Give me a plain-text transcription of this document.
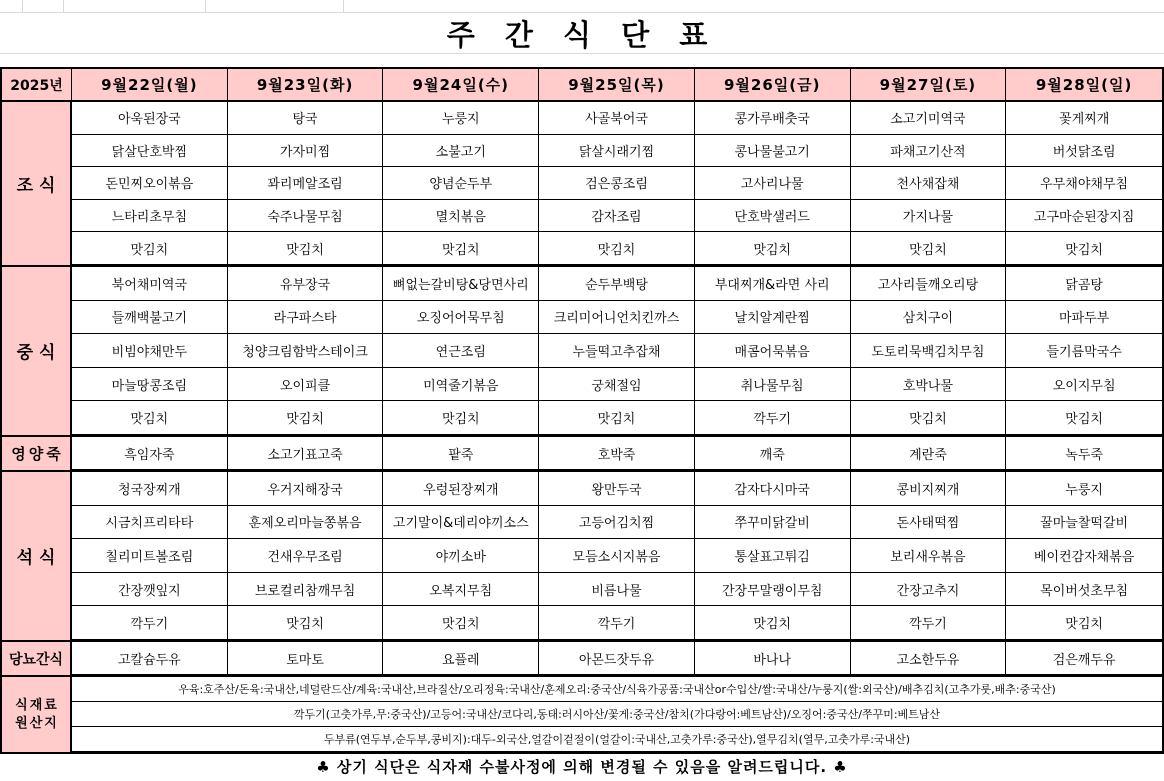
주 간 식 단 표
2025년	9월22일(월)	9월23일(화)	9월24일(수)	9월25일(목)	9월26일(금)	9월27일(토)	9월28일(일)
조식
아욱된장국	탕국	누룽지	사골북어국	콩가루배춧국	소고기미역국	꽃게찌개
닭살단호박찜	가자미찜	소불고기	닭살시래기찜	콩나물불고기	파채고기산적	버섯닭조림
돈민찌오이볶음	꽈리메알조림	양념순두부	검은콩조림	고사리나물	천사채잡채	우무채야채무침
느타리초무침	숙주나물무침	멸치볶음	감자조림	단호박샐러드	가지나물	고구마순된장지짐
맛김치	맛김치	맛김치	맛김치	맛김치	맛김치	맛김치
중식
북어채미역국	유부장국	뼈없는갈비탕&당면사리	순두부백탕	부대찌개&라면 사리	고사리들깨오리탕	닭곰탕
들깨백불고기	라구파스타	오징어어묵무침	크리미어니언치킨까스	날치알계란찜	삼치구이	마파두부
비빔야채만두	청양크림함박스테이크	연근조림	누들떡고추잡채	매콤어묵볶음	도토리묵백김치무침	들기름막국수
마늘땅콩조림	오이피클	미역줄기볶음	궁채절임	취나물무침	호박나물	오이지무침
맛김치	맛김치	맛김치	맛김치	깍두기	맛김치	맛김치
영양죽	흑임자죽	소고기표고죽	팥죽	호박죽	깨죽	계란죽	녹두죽
석식
청국장찌개	우거지해장국	우렁된장찌개	왕만두국	감자다시마국	콩비지찌개	누룽지
시금치프리타타	훈제오리마늘쫑볶음	고기말이&데리야끼소스	고등어김치찜	쭈꾸미닭갈비	돈사태떡찜	꿀마늘찰떡갈비
칠리미트볼조림	건새우무조림	야끼소바	모듬소시지볶음	통살표고튀김	보리새우볶음	베이컨감자채볶음
간장깻잎지	브로컬리참깨무침	오복지무침	비름나물	간장무말랭이무침	간장고추지	목이버섯초무침
깍두기	맛김치	맛김치	깍두기	맛김치	깍두기	맛김치
당뇨간식	고칼슘두유	토마토	요플레	아몬드잣두유	바나나	고소한두유	검은깨두유
식재료
원산지
우육:호주산/돈육:국내산,네덜란드산/계육:국내산,브라질산/오리정육:국내산/훈제오리:중국산/식육가공품:국내산or수입산/쌀:국내산/누룽지(쌀:외국산)/배추김치(고추가룻,배추:중국산)
깍두기(고춧가루,무:중국산)/고등어:국내산/코다리,동태:러시아산/꽃게:중국산/참치(가다랑어:베트남산)/오징어:중국산/쭈꾸미:베트남산
두부류(연두부,순두부,콩비지):대두-외국산,얼갈이겉절이(얼갈이:국내산,고춧가루:중국산),열무김치(열무,고춧가루:국내산)
♣ 상기 식단은 식자재 수불사정에 의해 변경될 수 있음을 알려드립니다. ♣
